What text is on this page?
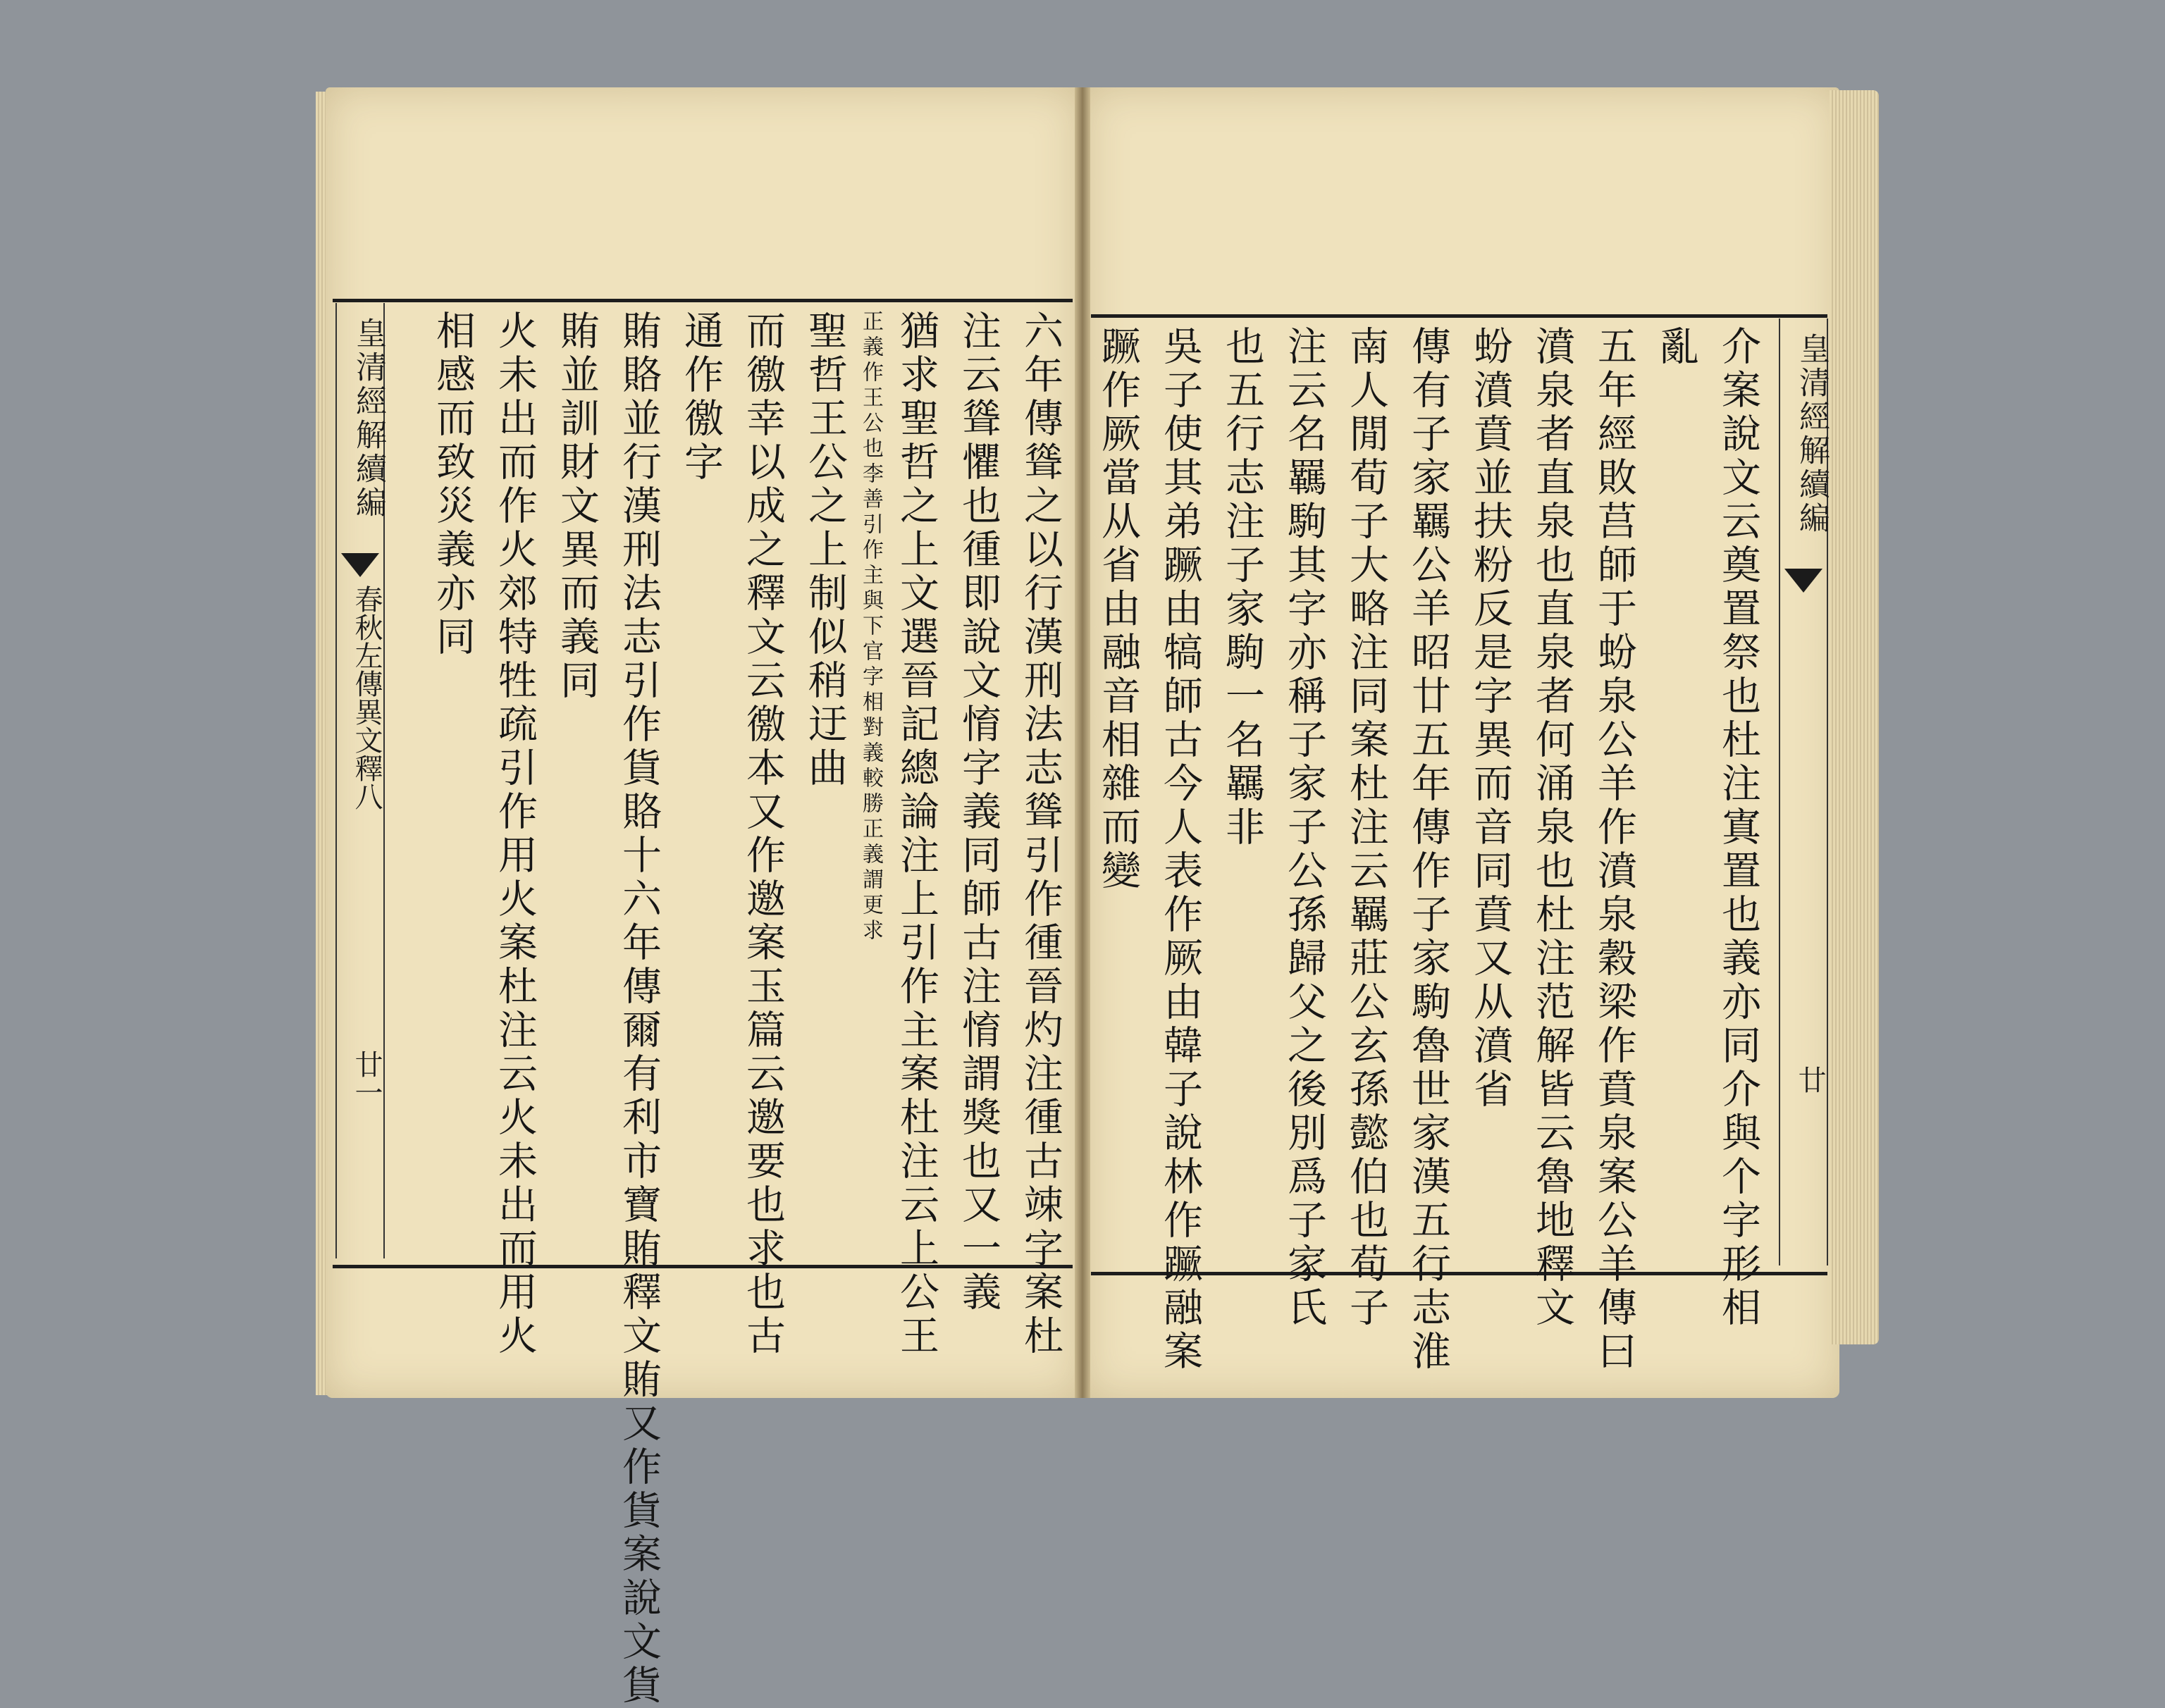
皇清經解續編
春秋左傳異文釋八
廿一
皇清經解續編
廿
六年傳聳之以行漢刑法志聳引作㣫晉灼注㣫古竦字案杜
注云聳懼也㣫即說文㥔字義同師古注㥔謂獎也又一義
猶求聖哲之上文選晉記總論注上引作主案杜注云上公王
正義作王公也李善引作主與下官字相對義較勝正義謂更求
聖哲王公之上制似稍迂曲
而徼幸以成之釋文云徼本又作邀案玉篇云邀要也求也古
通作徼字
賄賂並行漢刑法志引作貨賂十六年傳爾有利市寶賄釋文賄又作貨案說文貨
賄並訓財文異而義同
火未出而作火郊特牲疏引作用火案杜注云火未出而用火
相感而致災義亦同	介案說文云奠置祭也杜注寘置也義亦同介與个字形相
亂
五年經敗莒師于蚡泉公羊作濆泉穀梁作賁泉案公羊傳曰
濆泉者直泉也直泉者何涌泉也杜注范解皆云魯地釋文
蚡濆賁並扶粉反是字異而音同賁又从濆省
傳有子家羈公羊昭廿五年傳作子家駒魯世家漢五行志淮
南人閒荀子大略注同案杜注云羈莊公玄孫懿伯也荀子
注云名羈駒其字亦稱子家子公孫歸父之後別爲子家氏
也五行志注子家駒一名羈非
吳子使其弟蹶由犒師古今人表作厥由韓子說林作蹶融案
蹶作厥當从省由融音相雜而變
